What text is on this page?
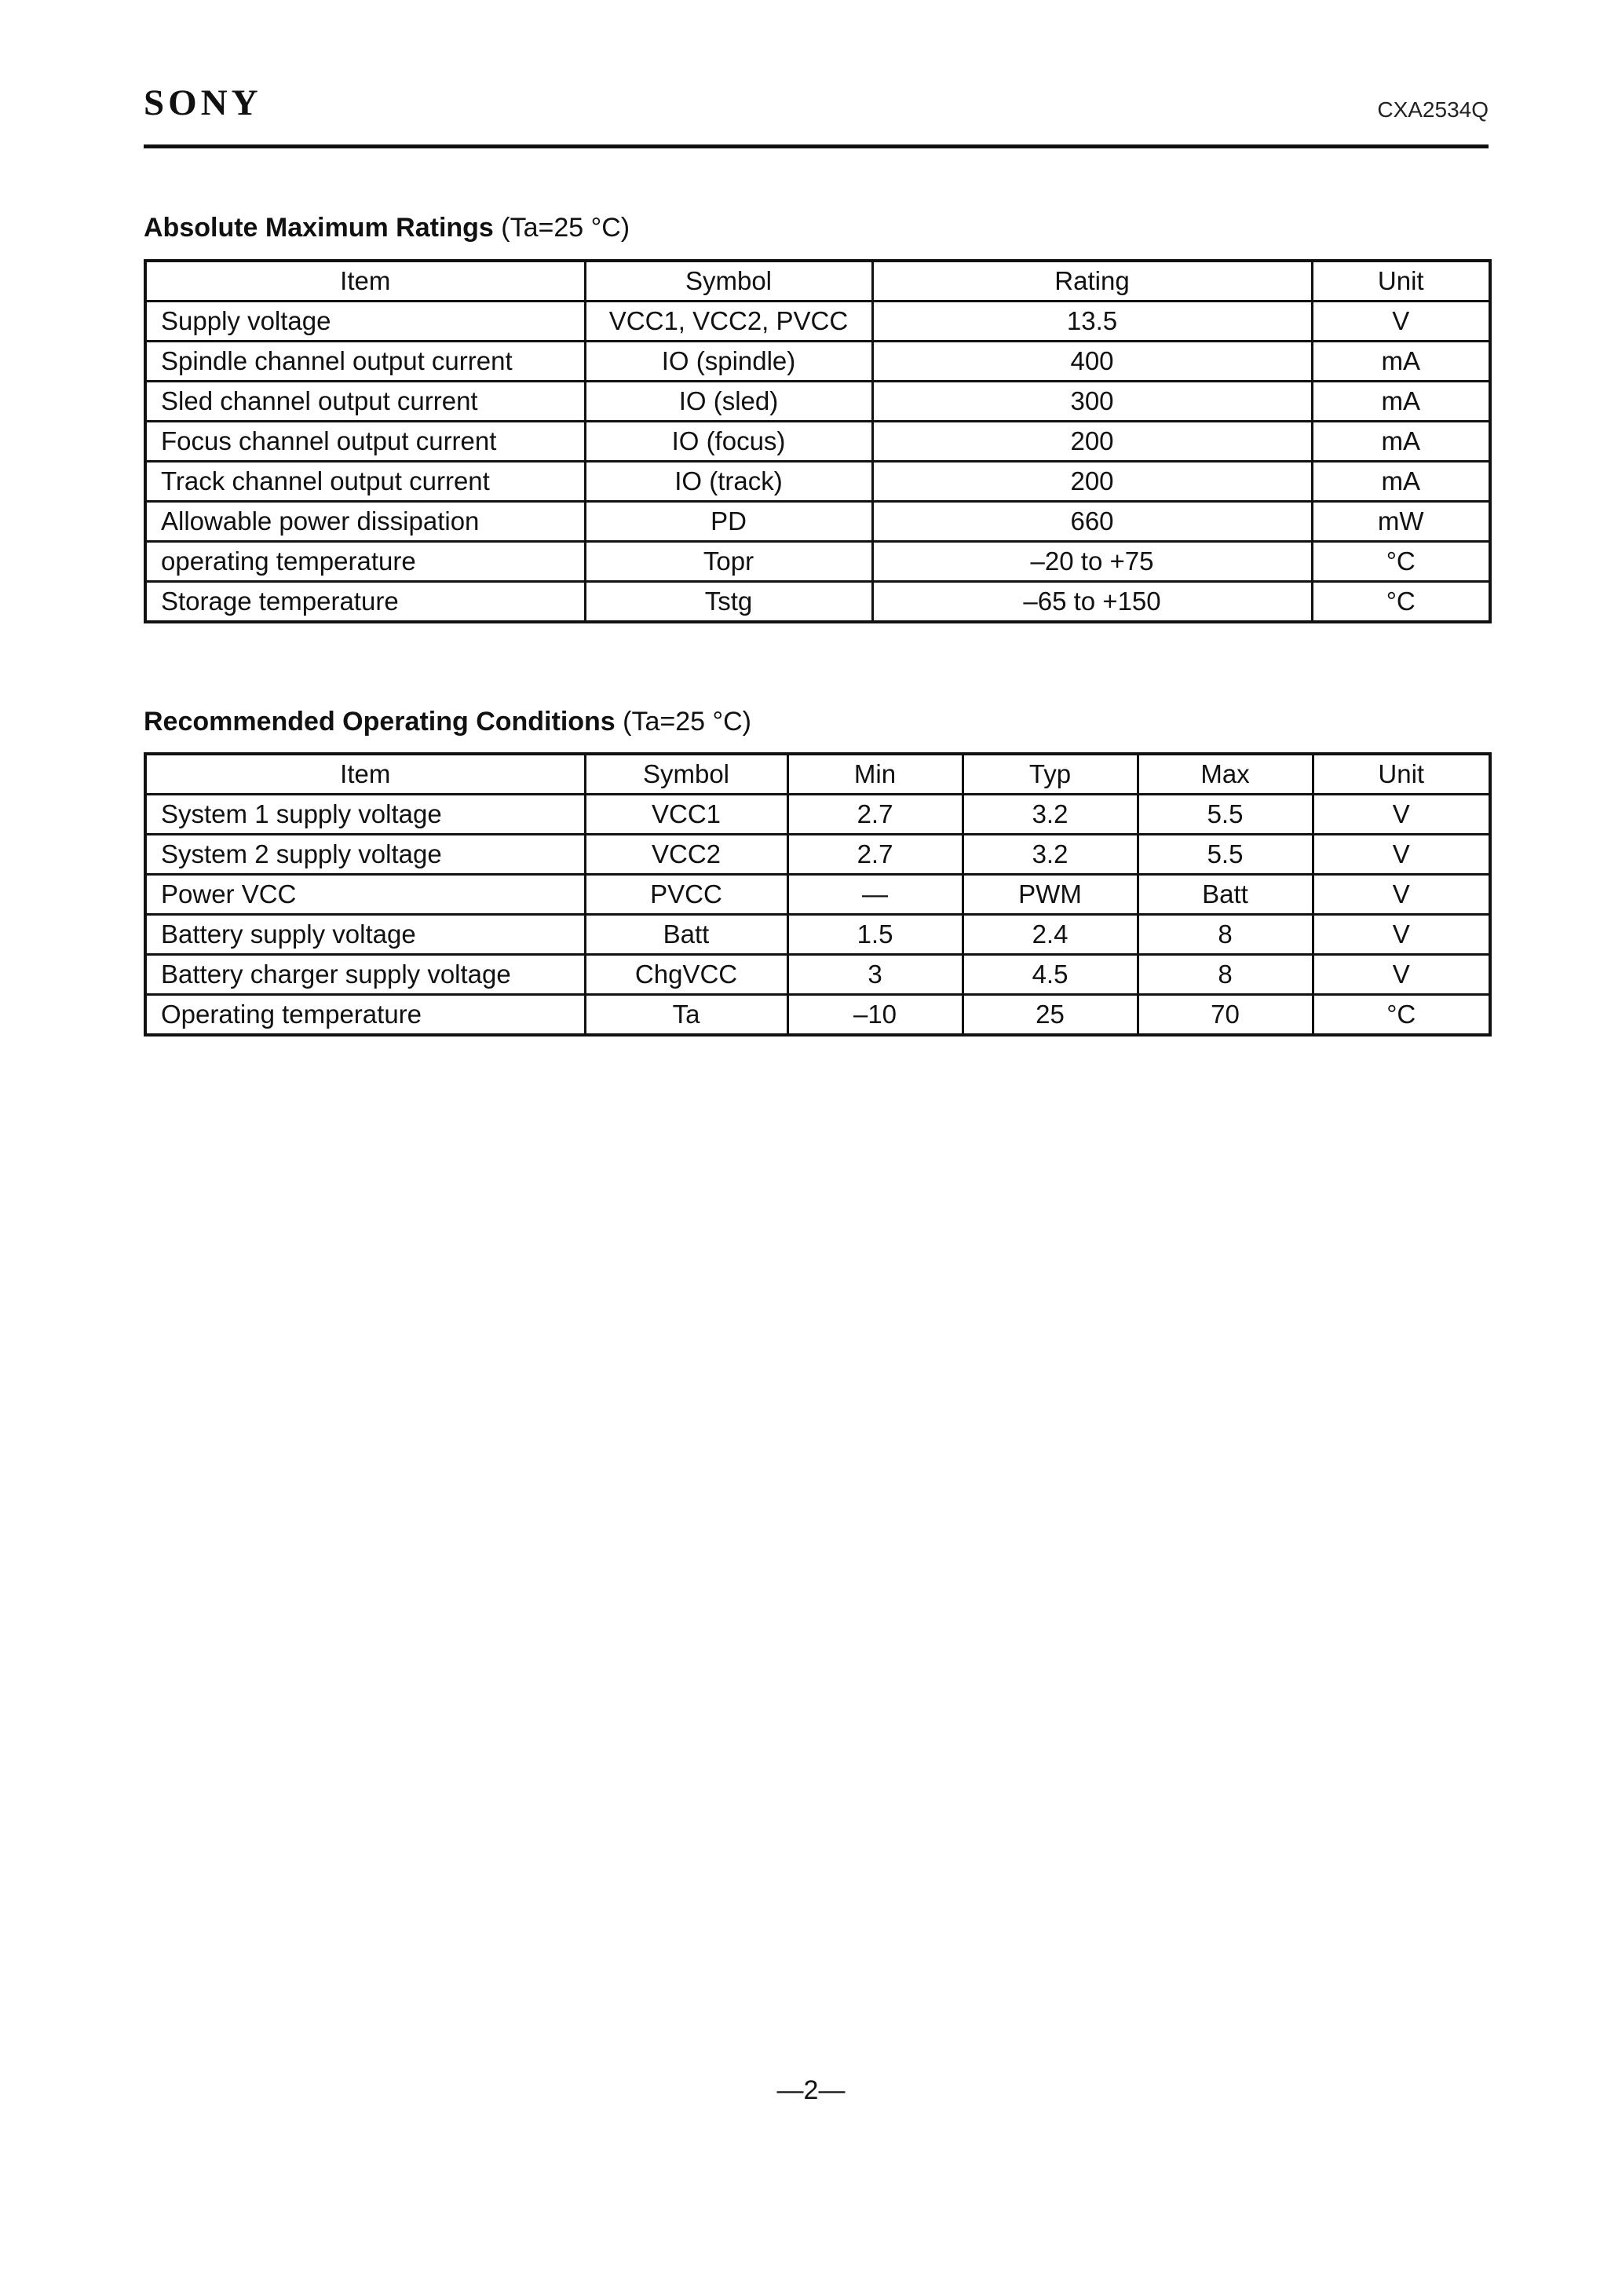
SONY	CXA2534Q
Absolute Maximum Ratings (Ta=25 °C)
Item	Symbol	Rating	Unit
Supply voltage	VCC1, VCC2, PVCC	13.5	V
Spindle channel output current	IO (spindle)	400	mA
Sled channel output current	IO (sled)	300	mA
Focus channel output current	IO (focus)	200	mA
Track channel output current	IO (track)	200	mA
Allowable power dissipation	PD	660	mW
operating temperature	Topr	–20 to +75	°C
Storage temperature	Tstg	–65 to +150	°C
Recommended Operating Conditions (Ta=25 °C)
Item	Symbol	Min	Typ	Max	Unit
System 1 supply voltage	VCC1	2.7	3.2	5.5	V
System 2 supply voltage	VCC2	2.7	3.2	5.5	V
Power VCC	PVCC	—	PWM	Batt	V
Battery supply voltage	Batt	1.5	2.4	8	V
Battery charger supply voltage	ChgVCC	3	4.5	8	V
Operating temperature	Ta	–10	25	70	°C
—2—
